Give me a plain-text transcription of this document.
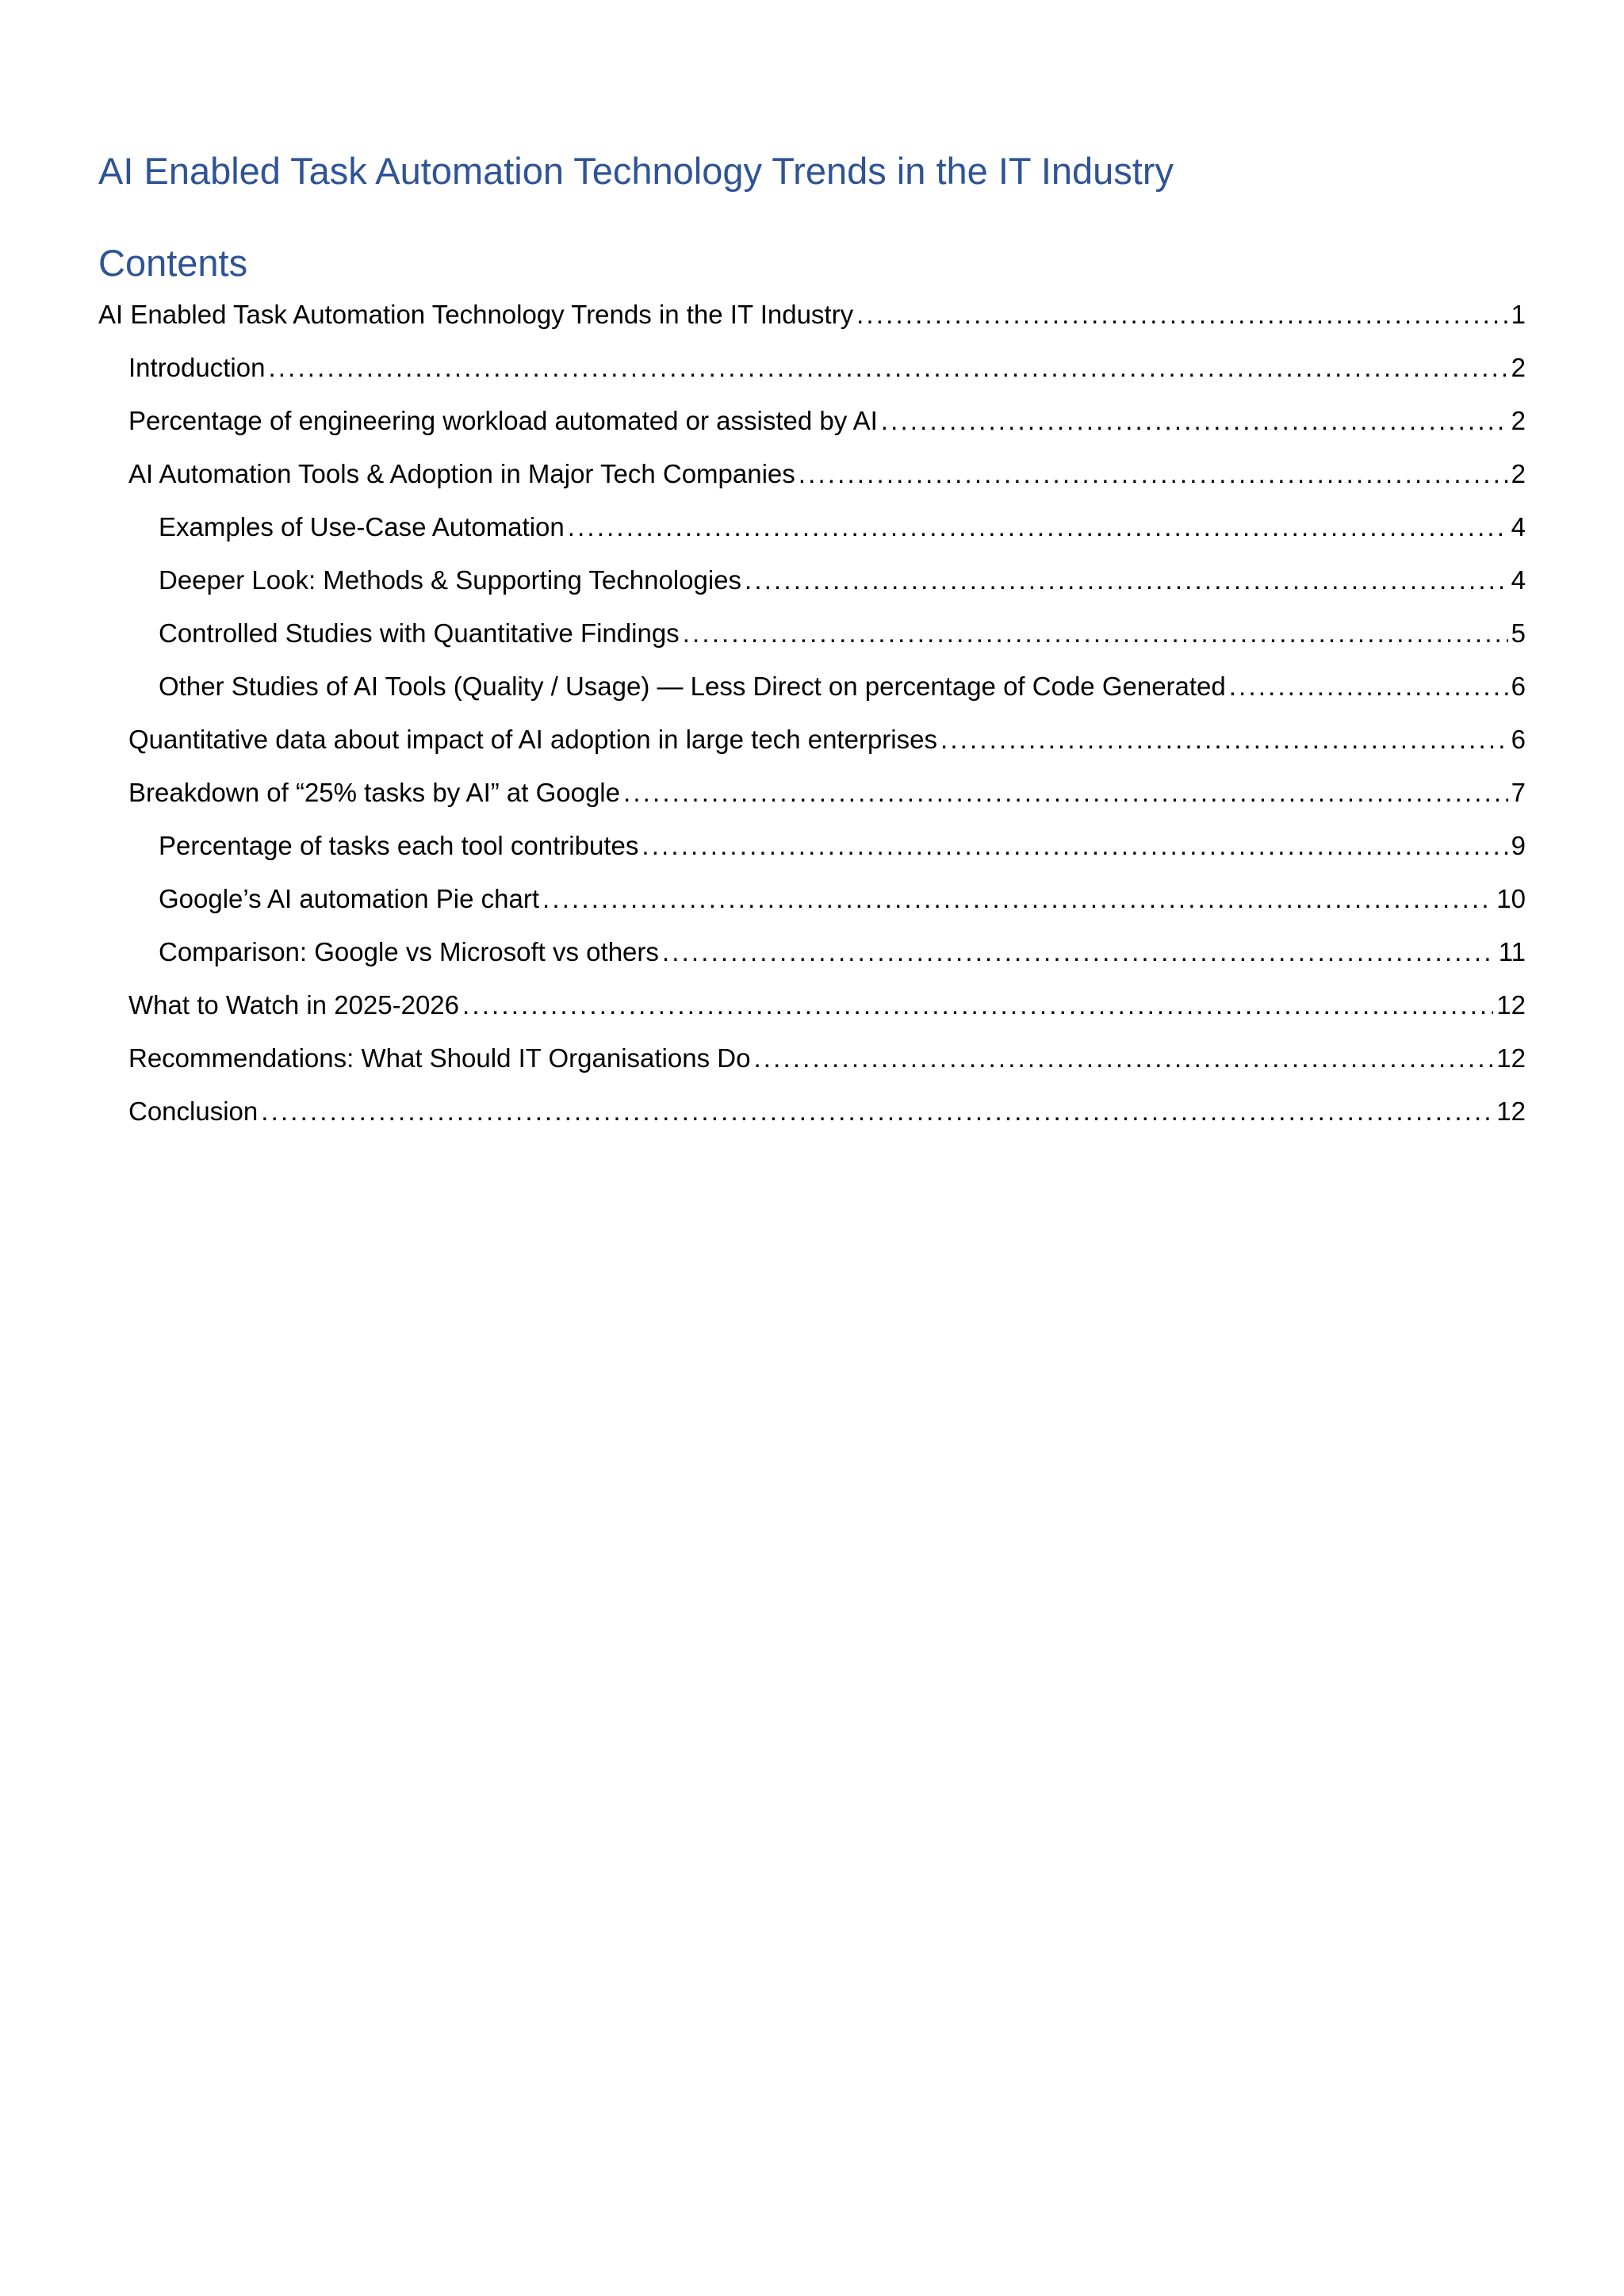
AI Enabled Task Automation Technology Trends in the IT Industry
Contents
AI Enabled Task Automation Technology Trends in the IT Industry . . .	1
Introduction . . .	2
Percentage of engineering workload automated or assisted by AI . . .	2
AI Automation Tools & Adoption in Major Tech Companies . . .	2
Examples of Use-Case Automation . . .	4
Deeper Look: Methods & Supporting Technologies . . .	4
Controlled Studies with Quantitative Findings . . .	5
Other Studies of AI Tools (Quality / Usage) — Less Direct on percentage of Code Generated . . .	6
Quantitative data about impact of AI adoption in large tech enterprises . . .	6
Breakdown of “25% tasks by AI” at Google . . .	7
Percentage of tasks each tool contributes . . .	9
Google’s AI automation Pie chart . . .	10
Comparison: Google vs Microsoft vs others . . .	11
What to Watch in 2025-2026 . . .	12
Recommendations: What Should IT Organisations Do . . .	12
Conclusion . . .	12
